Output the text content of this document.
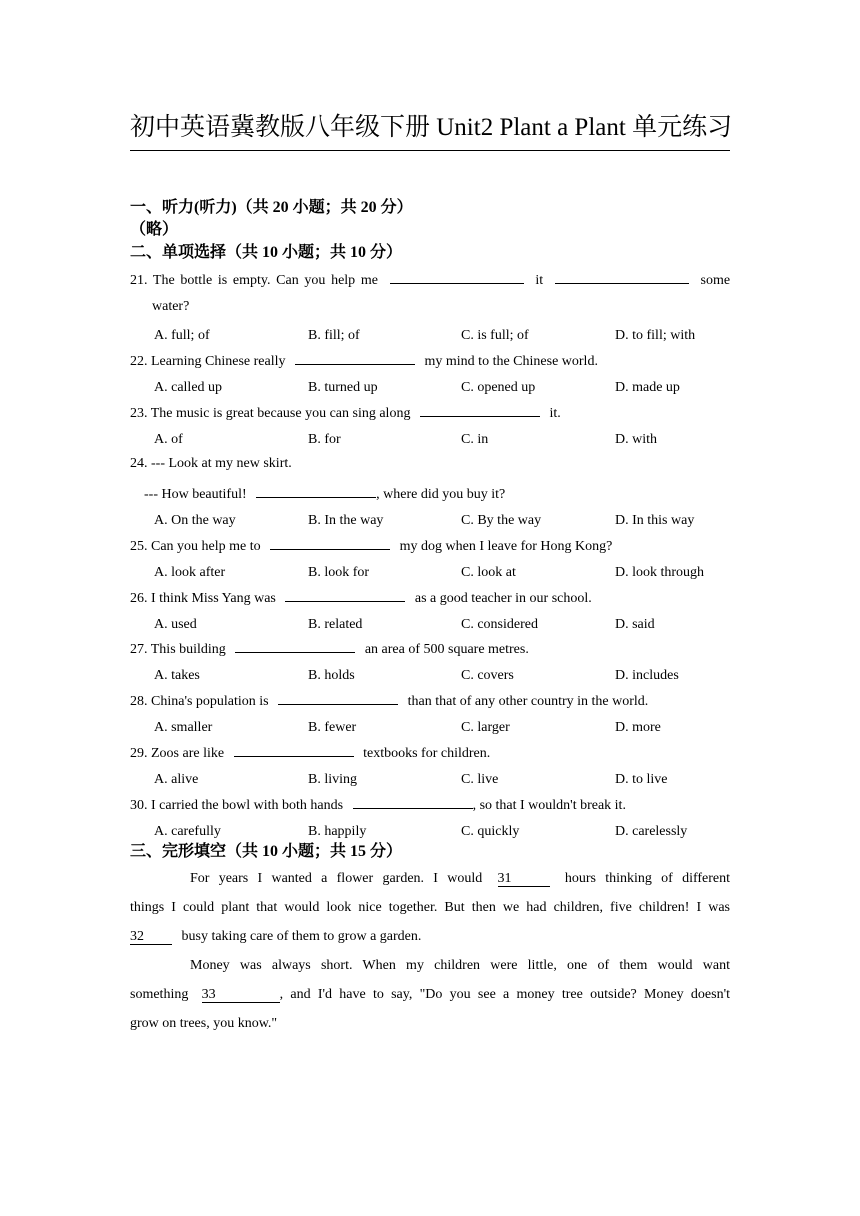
初中英语冀教版八年级下册 Unit2 Plant a Plant 单元练习
一、听力(听力)（共 20 小题；共 20 分）
（略）
二、单项选择（共 10 小题；共 10 分）
21. The bottle is empty. Can you help me	it	some
water?
A. full; of	B. fill; of	C. is full; of	D. to fill; with
22. Learning Chinese really	my mind to the Chinese world.
A. called up	B. turned up	C. opened up	D. made up
23. The music is great because you can sing along	it.
A. of	B. for	C. in	D. with
24. --- Look at my new skirt.
--- How beautiful!	, where did you buy it?
A. On the way	B. In the way	C. By the way	D. In this way
25. Can you help me to	my dog when I leave for Hong Kong?
A. look after	B. look for	C. look at	D. look through
26. I think Miss Yang was	as a good teacher in our school.
A. used	B. related	C. considered	D. said
27. This building	an area of 500 square metres.
A. takes	B. holds	C. covers	D. includes
28. China's population is	than that of any other country in the world.
A. smaller	B. fewer	C. larger	D. more
29. Zoos are like	textbooks for children.
A. alive	B. living	C. live	D. to live
30. I carried the bowl with both hands	, so that I wouldn't break it.
A. carefully	B. happily	C. quickly	D. carelessly
三、完形填空（共 10 小题；共 15 分）
For years I wanted a flower garden. I would 31	hours thinking of different
things I could plant that would look nice together. But then we had children, five children! I was
32	busy taking care of them to grow a garden.
Money was always short. When my children were little, one of them would want
something 33	, and I'd have to say, "Do you see a money tree outside? Money doesn't
grow on trees, you know."
